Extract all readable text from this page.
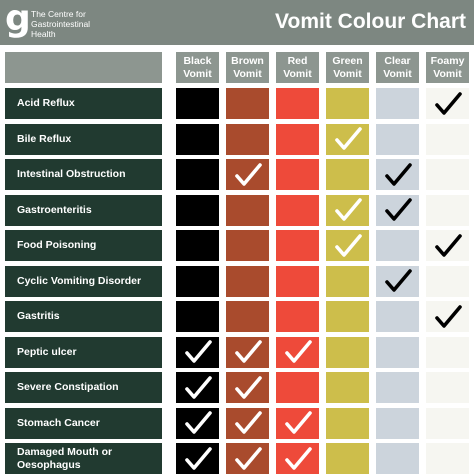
g The Centre for
Gastrointestinal
Health
Vomit Colour Chart
Black
Vomit
Brown
Vomit
Red
Vomit
Green
Vomit
Clear
Vomit
Foamy
Vomit
Acid Reflux
Bile Reflux
Intestinal Obstruction
Gastroenteritis
Food Poisoning
Cyclic Vomiting Disorder
Gastritis
Peptic ulcer
Severe Constipation
Stomach Cancer
Damaged Mouth or
Oesophagus
